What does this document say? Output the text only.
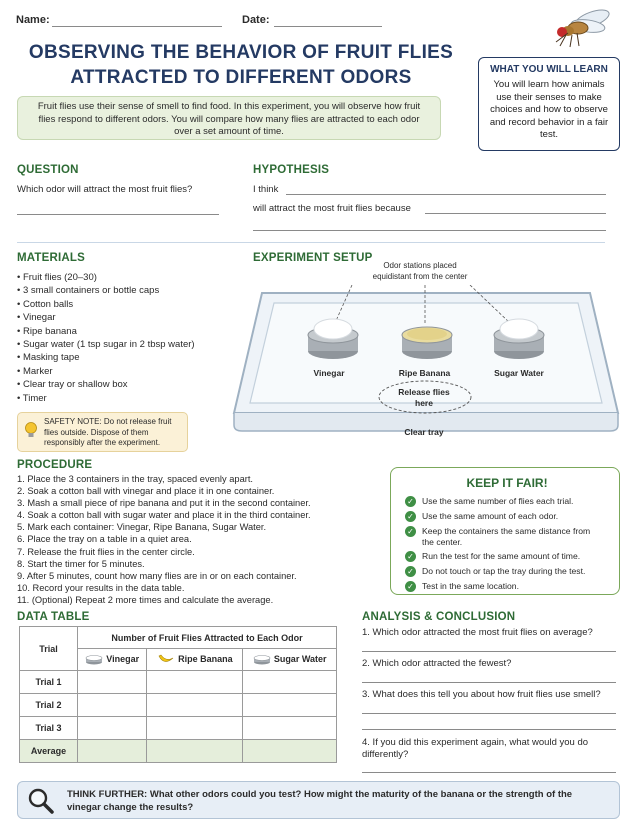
Name:	Date:
OBSERVING THE BEHAVIOR OF FRUIT FLIES
ATTRACTED TO DIFFERENT ODORS
Fruit flies use their sense of smell to find food. In this experiment, you will observe how fruit flies respond to different odors. You will compare how many flies are attracted to each odor over a set amount of time.
WHAT YOU WILL LEARN
You will learn how animals use their senses to make choices and how to observe and record behavior in a fair test.
QUESTION
Which odor will attract the most fruit flies?
HYPOTHESIS
I think
will attract the most fruit flies because
MATERIALS
• Fruit flies (20–30)
• 3 small containers or bottle caps
• Cotton balls
• Vinegar
• Ripe banana
• Sugar water (1 tsp sugar in 2 tbsp water)
• Masking tape
• Marker
• Clear tray or shallow box
• Timer
SAFETY NOTE: Do not release fruit flies outside. Dispose of them responsibly after the experiment.
EXPERIMENT SETUP
Odor stations placed equidistant from the center
Vinegar	Ripe Banana	Sugar Water
Release flies here
Clear tray
PROCEDURE
1. Place the 3 containers in the tray, spaced evenly apart.
2. Soak a cotton ball with vinegar and place it in one container.
3. Mash a small piece of ripe banana and put it in the second container.
4. Soak a cotton ball with sugar water and place it in the third container.
5. Mark each container: Vinegar, Ripe Banana, Sugar Water.
6. Place the tray on a table in a quiet area.
7. Release the fruit flies in the center circle.
8. Start the timer for 5 minutes.
9. After 5 minutes, count how many flies are in or on each container.
10. Record your results in the data table.
11. (Optional) Repeat 2 more times and calculate the average.
KEEP IT FAIR!
✓ Use the same number of flies each trial.
✓ Use the same amount of each odor.
✓ Keep the containers the same distance from the center.
✓ Run the test for the same amount of time.
✓ Do not touch or tap the tray during the test.
✓ Test in the same location.
DATA TABLE
Trial	Number of Fruit Flies Attracted to Each Odor		
	Vinegar	Ripe Banana	Sugar Water
Trial 1			
Trial 2			
Trial 3			
Average			
ANALYSIS & CONCLUSION
1. Which odor attracted the most fruit flies on average?
2. Which odor attracted the fewest?
3. What does this tell you about how fruit flies use smell?
4. If you did this experiment again, what would you do differently?
THINK FURTHER: What other odors could you test? How might the maturity of the banana or the strength of the vinegar change the results?
